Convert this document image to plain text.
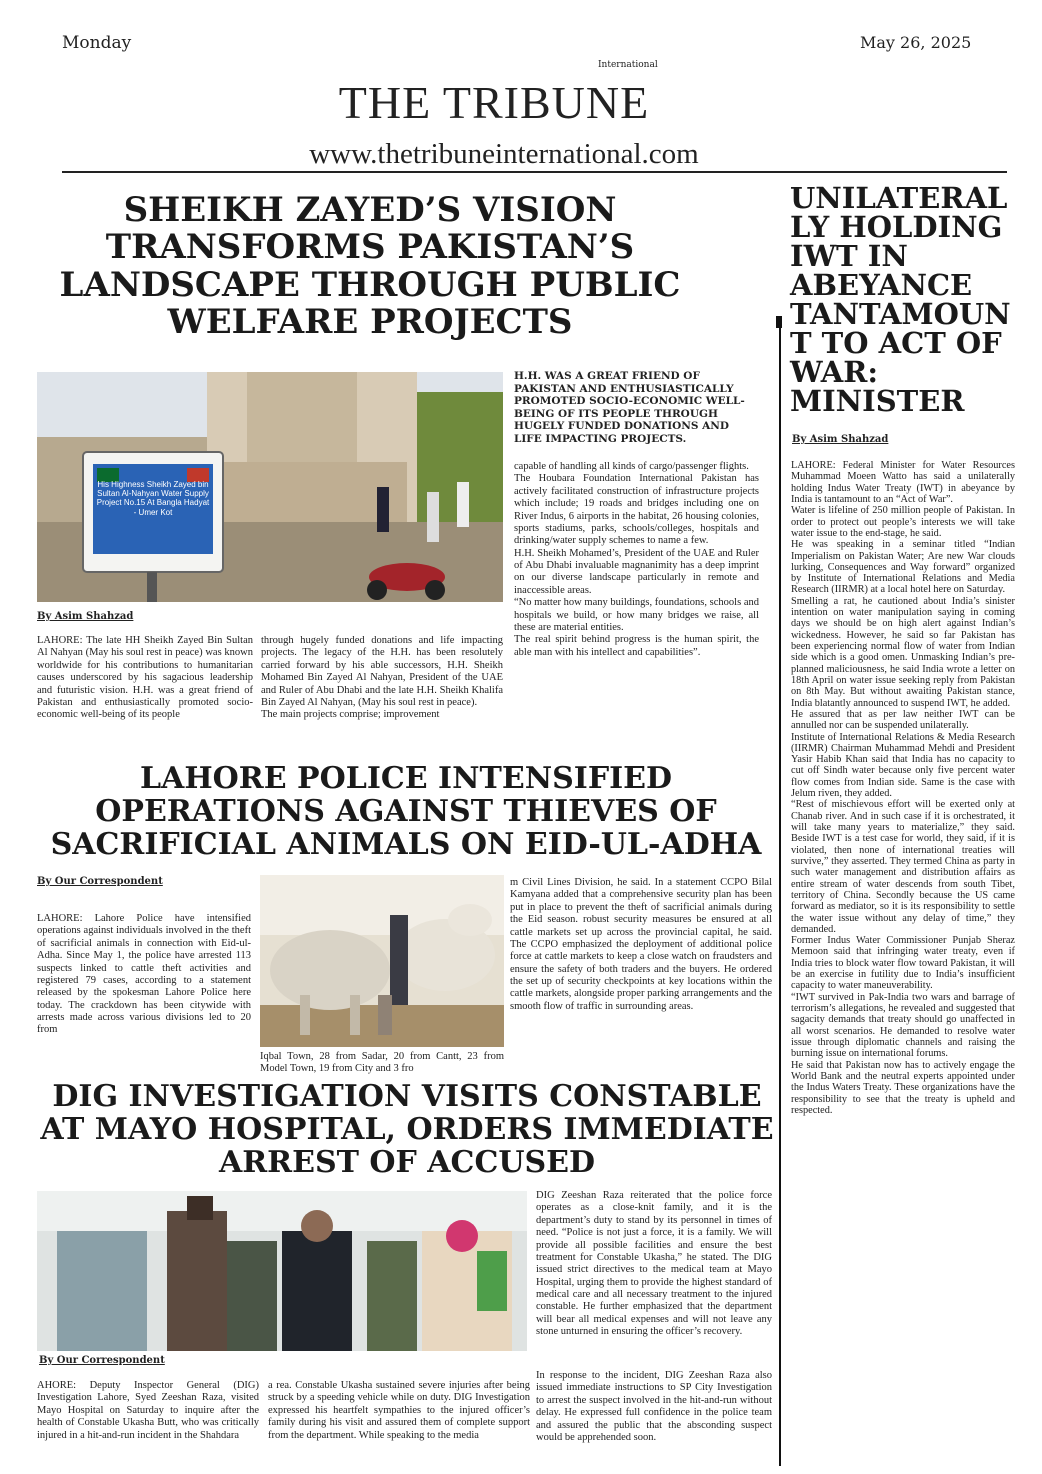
Monday	May 26, 2025
International
THE TRIBUNE
www.thetribuneinternational.com
SHEIKH ZAYED’S VISION TRANSFORMS PAKISTAN’S LANDSCAPE THROUGH PUBLIC WELFARE PROJECTS
His Highness Sheikh Zayed bin Sultan Al-Nahyan Water Supply Project No.15 At Bangla Hadyat - Umer Kot
H.H. WAS A GREAT FRIEND OF PAKISTAN AND ENTHUSIASTICALLY PROMOTED SOCIO-ECONOMIC WELL-BEING OF ITS PEOPLE THROUGH HUGELY FUNDED DONATIONS AND LIFE IMPACTING PROJECTS.
capable of handling all kinds of cargo/passenger flights.
The Houbara Foundation International Pakistan has actively facilitated construction of infrastructure projects which include; 19 roads and bridges including one on River Indus, 6 airports in the habitat, 26 housing colonies, sports stadiums, parks, schools/colleges, hospitals and drinking/water supply schemes to name a few.
H.H. Sheikh Mohamed’s, President of the UAE and Ruler of Abu Dhabi invaluable magnanimity has a deep imprint on our diverse landscape particularly in remote and inaccessible areas.
“No matter how many buildings, foundations, schools and hospitals we build, or how many bridges we raise, all these are material entities.
The real spirit behind progress is the human spirit, the able man with his intellect and capabilities”.
By Asim Shahzad
LAHORE: The late HH Sheikh Zayed Bin Sultan Al Nahyan (May his soul rest in peace) was known worldwide for his contributions to humanitarian causes underscored by his sagacious leadership and futuristic vision. H.H. was a great friend of Pakistan and enthusiastically promoted socio-economic well-being of its people
through hugely funded donations and life impacting projects. The legacy of the H.H. has been resolutely carried forward by his able successors, H.H. Sheikh Mohamed Bin Zayed Al Nahyan, President of the UAE and Ruler of Abu Dhabi and the late H.H. Sheikh Khalifa Bin Zayed Al Nahyan, (May his soul rest in peace).
The main projects comprise; improvement
LAHORE POLICE INTENSIFIED OPERATIONS AGAINST THIEVES OF SACRIFICIAL ANIMALS ON EID-UL-ADHA
By Our Correspondent
LAHORE: Lahore Police have intensified operations against individuals involved in the theft of sacrificial animals in connection with Eid-ul-Adha. Since May 1, the police have arrested 113 suspects linked to cattle theft activities and registered 79 cases, according to a statement released by the spokesman Lahore Police here today. The crackdown has been citywide with arrests made across various divisions led to 20 from
Iqbal Town, 28 from Sadar, 20 from Cantt, 23 from Model Town, 19 from City and 3 fro
m Civil Lines Division, he said. In a statement CCPO Bilal Kamyana added that a comprehensive security plan has been put in place to prevent the theft of sacrificial animals during the Eid season. robust security measures be ensured at all cattle markets set up across the provincial capital, he said. The CCPO emphasized the deployment of additional police force at cattle markets to keep a close watch on fraudsters and ensure the safety of both traders and the buyers. He ordered the set up of security checkpoints at key locations within the cattle markets, alongside proper parking arrangements and the smooth flow of traffic in surrounding areas.
DIG INVESTIGATION VISITS CONSTABLE AT MAYO HOSPITAL, ORDERS IMMEDIATE ARREST OF ACCUSED
DIG Zeeshan Raza reiterated that the police force operates as a close-knit family, and it is the department’s duty to stand by its personnel in times of need. “Police is not just a force, it is a family. We will provide all possible facilities and ensure the best treatment for Constable Ukasha,” he stated. The DIG issued strict directives to the medical team at Mayo Hospital, urging them to provide the highest standard of medical care and all necessary treatment to the injured constable. He further emphasized that the department will bear all medical expenses and will not leave any stone unturned in ensuring the officer’s recovery.
By Our Correspondent
AHORE: Deputy Inspector General (DIG) Investigation Lahore, Syed Zeeshan Raza, visited Mayo Hospital on Saturday to inquire after the health of Constable Ukasha Butt, who was critically injured in a hit-and-run incident in the Shahdara
a rea. Constable Ukasha sustained severe injuries after being struck by a speeding vehicle while on duty. DIG Investigation expressed his heartfelt sympathies to the injured officer’s family during his visit and assured them of complete support from the department. While speaking to the media
In response to the incident, DIG Zeeshan Raza also issued immediate instructions to SP City Investigation to arrest the suspect involved in the hit-and-run without delay. He expressed full confidence in the police team and assured the public that the absconding suspect would be apprehended soon.
UNILATERAL
LY HOLDING
IWT IN
ABEYANCE
TANTAMOUN
T TO ACT OF
WAR:
MINISTER
By Asim Shahzad
LAHORE: Federal Minister for Water Resources Muhammad Moeen Watto has said a unilaterally holding Indus Water Treaty (IWT) in abeyance by India is tantamount to an “Act of War”.
Water is lifeline of 250 million people of Pakistan. In order to protect out people’s interests we will take water issue to the end-stage, he said.
He was speaking in a seminar titled “Indian Imperialism on Pakistan Water; Are new War clouds lurking, Consequences and Way forward” organized by Institute of International Relations and Media Research (IIRMR) at a local hotel here on Saturday.
Smelling a rat, he cautioned about India’s sinister intention on water manipulation saying in coming days we should be on high alert against Indian’s wickedness. However, he said so far Pakistan has been experiencing normal flow of water from Indian side which is a good omen. Unmasking Indian’s pre-planned maliciousness, he said India wrote a letter on 18th April on water issue seeking reply from Pakistan on 8th May. But without awaiting Pakistan stance, India blatantly announced to suspend IWT, he added.
He assured that as per law neither IWT can be annulled nor can be suspended unilaterally.
Institute of International Relations & Media Research (IIRMR) Chairman Muhammad Mehdi and President Yasir Habib Khan said that India has no capacity to cut off Sindh water because only five percent water flow comes from Indian side. Same is the case with Jelum riven, they added.
“Rest of mischievous effort will be exerted only at Chanab river. And in such case if it is orchestrated, it will take many years to materialize,” they said. Beside IWT is a test case for world, they said, if it is violated, then none of international treaties will survive,” they asserted. They termed China as party in such water management and distribution affairs as entire stream of water descends from south Tibet, territory of China. Secondly because the US came forward as mediator, so it is its responsibility to settle the water issue without any delay of time,” they demanded.
Former Indus Water Commissioner Punjab Sheraz Memoon said that infringing water treaty, even if India tries to block water flow toward Pakistan, it will be an exercise in futility due to India’s insufficient capacity to water maneuverability.
“IWT survived in Pak-India two wars and barrage of terrorism’s allegations, he revealed and suggested that sagacity demands that treaty should go unaffected in all worst scenarios. He demanded to resolve water issue through diplomatic channels and raising the burning issue on international forums.
He said that Pakistan now has to actively engage the World Bank and the neutral experts appointed under the Indus Waters Treaty. These organizations have the responsibility to see that the treaty is upheld and respected.
